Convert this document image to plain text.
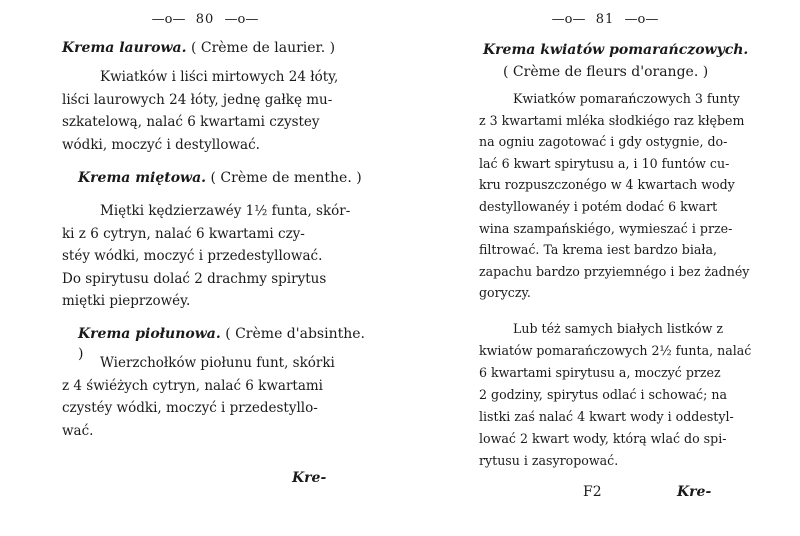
—o— 80 —o—
Krema laurowa. ( Crème de laurier. )
Kwiatków i liści mirtowych 24 łóty,
liści laurowych 24 łóty, jednę gałkę mu-
szkatelową, nalać 6 kwartami czystey
wódki, moczyć i destyllować.
Krema miętowa. ( Crème de menthe. )
Miętki kędzierzawéy 1½ funta, skór-
ki z 6 cytryn, nalać 6 kwartami czy-
stéy wódki, moczyć i przedestyllować.
Do spirytusu dolać 2 drachmy spirytus
miętki pieprzowéy.
Krema piołunowa. ( Crème d'absinthe. )
Wierzchołków piołunu funt, skórki
z 4 świéżych cytryn, nalać 6 kwartami
czystéy wódki, moczyć i przedestyllo-
wać.
Kre-
—o— 81 —o—
Krema kwiatów pomarańczowych.
( Crème de fleurs d'orange. )
Kwiatków pomarańczowych 3 funty
z 3 kwartami mléka słodkiégo raz kłębem
na ogniu zagotować i gdy ostygnie, do-
lać 6 kwart spirytusu a, i 10 funtów cu-
kru rozpuszczonégo w 4 kwartach wody
destyllowanéy i potém dodać 6 kwart
wina szampańskiégo, wymieszać i prze-
filtrować. Ta krema iest bardzo biała,
zapachu bardzo przyiemnégo i bez żadnéy
goryczy.
Lub téż samych białych listków z
kwiatów pomarańczowych 2½ funta, nalać
6 kwartami spirytusu a, moczyć przez
2 godziny, spirytus odlać i schować; na
listki zaś nalać 4 kwart wody i oddestyl-
lować 2 kwart wody, którą wlać do spi-
rytusu i zasyropować.
F2	Kre-
